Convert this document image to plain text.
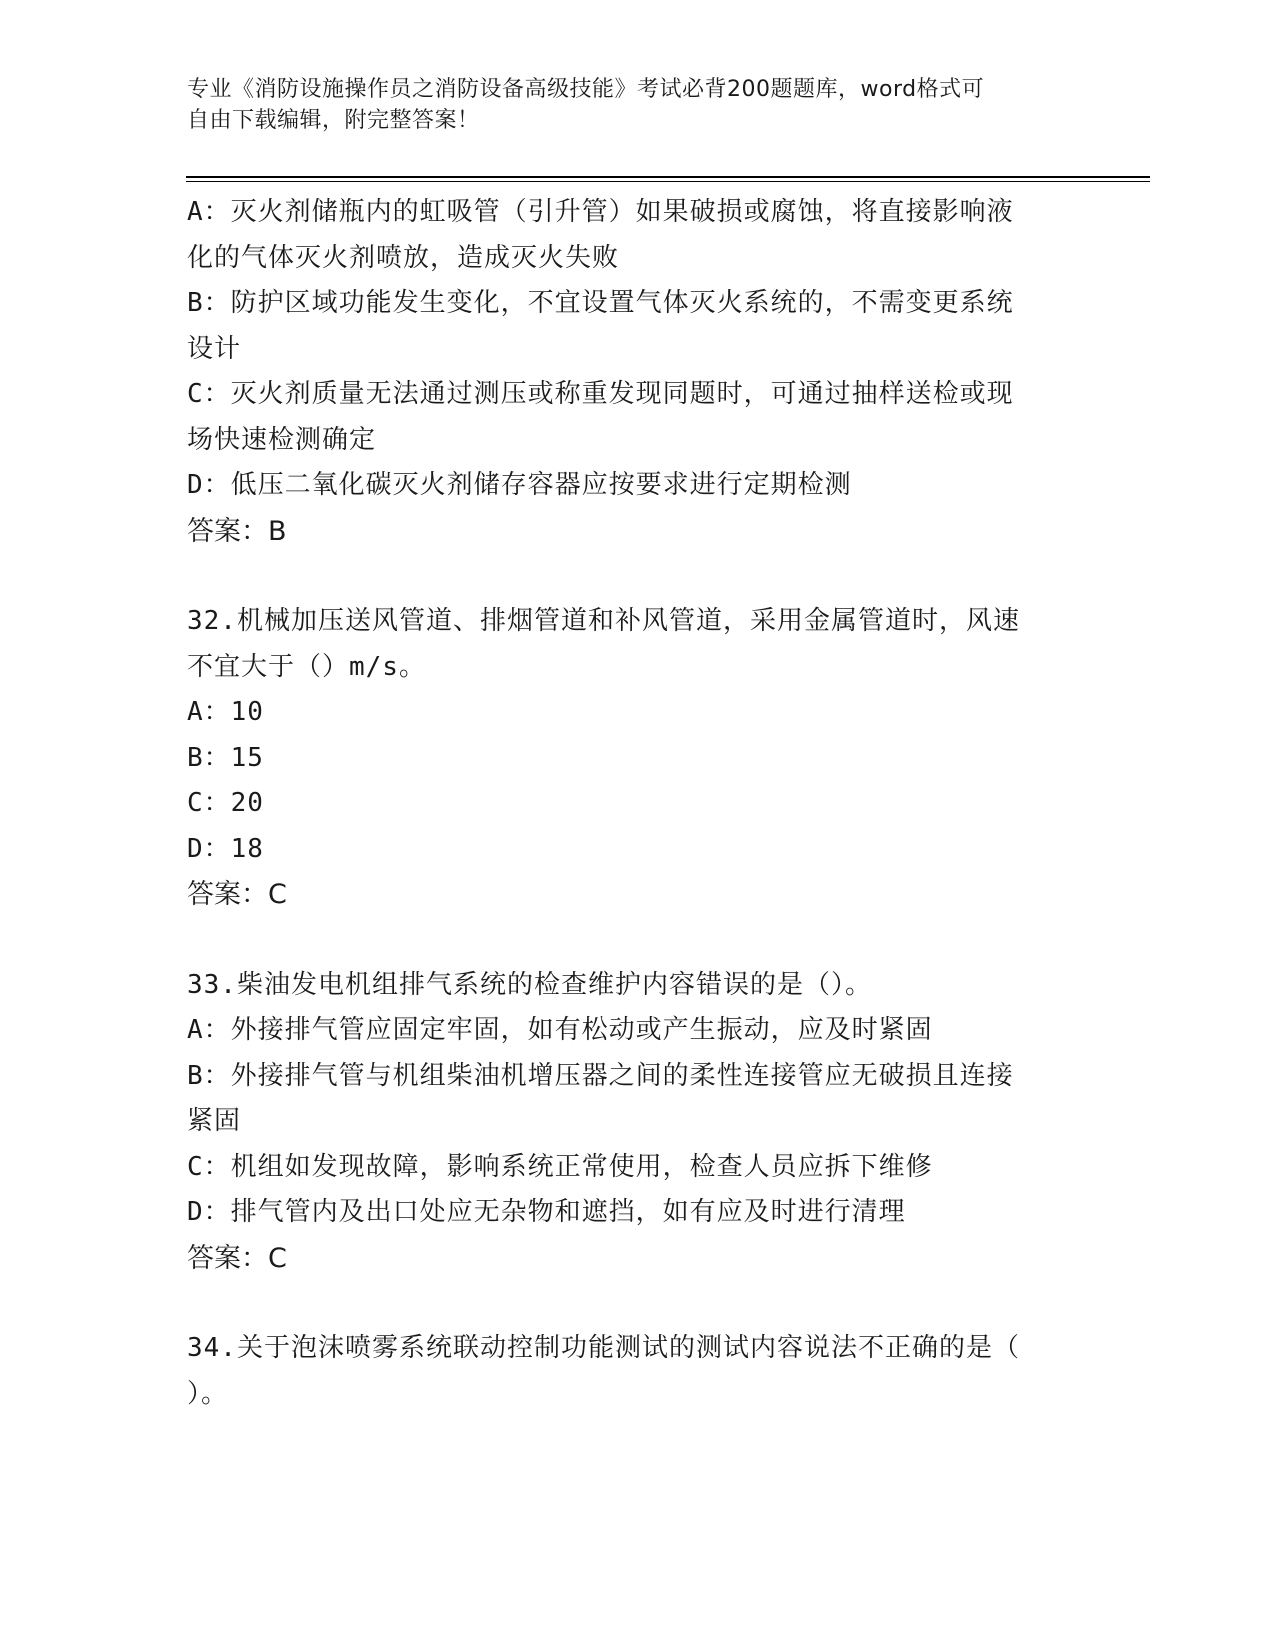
专业《消防设施操作员之消防设备高级技能》考试必背200题题库，word格式可
自由下载编辑，附完整答案！
A：灭火剂储瓶内的虹吸管（引升管）如果破损或腐蚀，将直接影响液
化的气体灭火剂喷放，造成灭火失败
B：防护区域功能发生变化，不宜设置气体灭火系统的，不需变更系统
设计
C：灭火剂质量无法通过测压或称重发现同题时，可通过抽样送检或现
场快速检测确定
D：低压二氧化碳灭火剂储存容器应按要求进行定期检测
答案：B
32.机械加压送风管道、排烟管道和补风管道，采用金属管道时，风速
不宜大于（）m/s。
A：10
B：15
C：20
D：18
答案：C
33.柴油发电机组排气系统的检查维护内容错误的是（）。
A：外接排气管应固定牢固，如有松动或产生振动，应及时紧固
B：外接排气管与机组柴油机增压器之间的柔性连接管应无破损且连接
紧固
C：机组如发现故障，影响系统正常使用，检查人员应拆下维修
D：排气管内及出口处应无杂物和遮挡，如有应及时进行清理
答案：C
34.关于泡沫喷雾系统联动控制功能测试的测试内容说法不正确的是（
）。
